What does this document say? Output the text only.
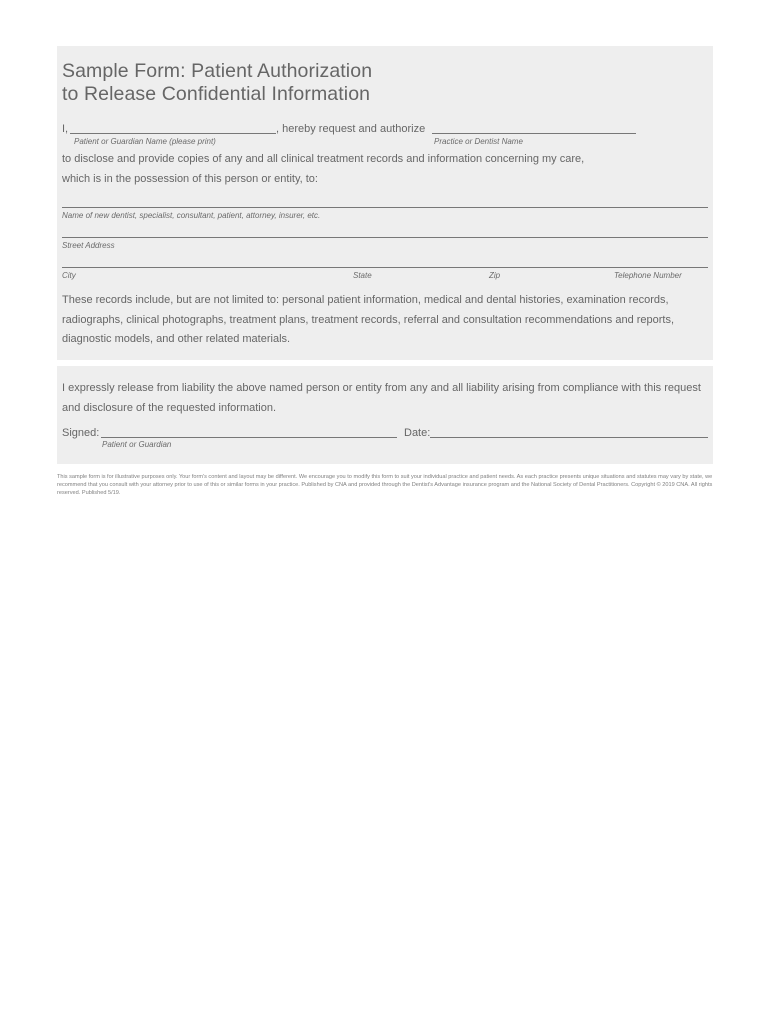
Sample Form: Patient Authorization
to Release Confidential Information
I,	, hereby request and authorize
Patient or Guardian Name (please print)	Practice or Dentist Name
to disclose and provide copies of any and all clinical treatment records and information concerning my care,
which is in the possession of this person or entity, to:
Name of new dentist, specialist, consultant, patient, attorney, insurer, etc.
Street Address
City	State	Zip	Telephone Number
These records include, but are not limited to: personal patient information, medical and dental histories, examination records, radiographs, clinical photographs, treatment plans, treatment records, referral and consultation recommendations and reports, diagnostic models, and other related materials.
I expressly release from liability the above named person or entity from any and all liability arising from compliance with this request and disclosure of the requested information.
Signed:	Date:
Patient or Guardian
This sample form is for illustrative purposes only. Your form's content and layout may be different. We encourage you to modify this form to suit your individual practice and patient needs. As each practice presents unique situations and statutes may vary by state, we recommend that you consult with your attorney prior to use of this or similar forms in your practice. Published by CNA and provided through the Dentist's Advantage insurance program and the National Society of Dental Practitioners. Copyright © 2019 CNA. All rights reserved. Published 5/19.
